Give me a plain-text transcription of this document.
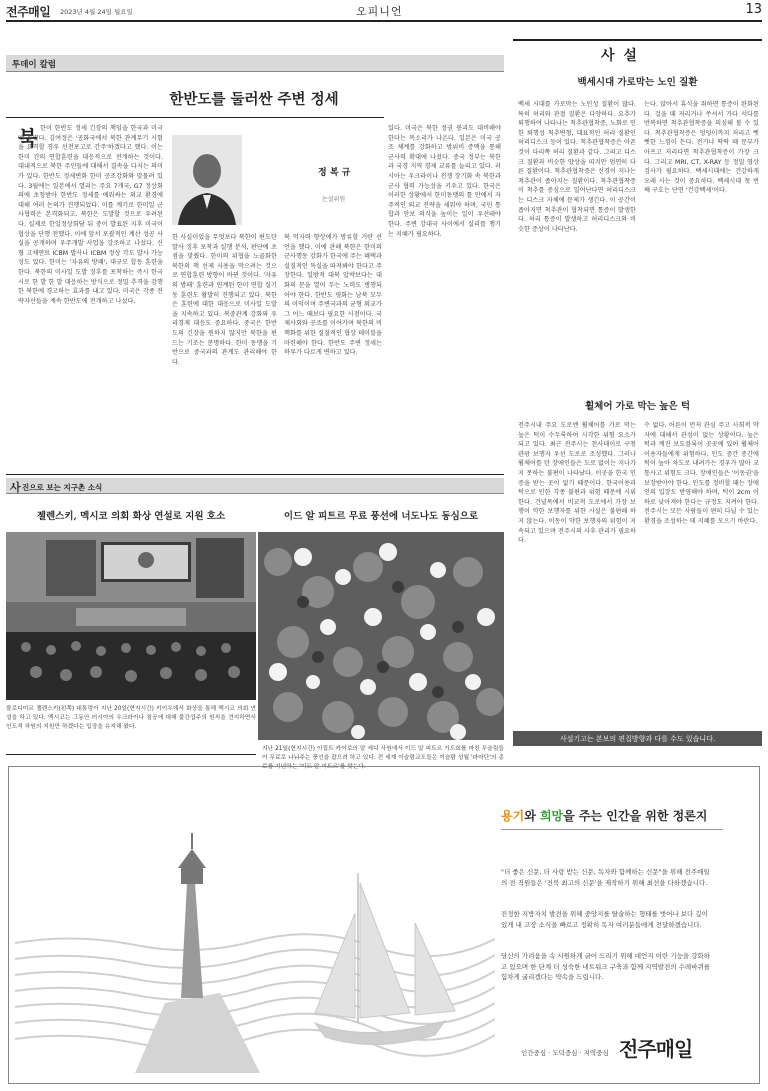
전주매일 2023년 4월 24일 월요일	오피니언	13
투데이 칼럼
한반도를 둘러싼 주변 정세
정 복 규
논설위원
북 한이 한반도 정세 긴장의 책임을 한국과 미국에 돌렸다. 김여정은 '공화국에서 북한 관계무기 시험을 요격할 경우 선전포고로 간주'하겠다고 했다. 이는 한미 간의 연합훈련을 대응적으로 전개하는 것이다. 대내적으로 북한 주민들에 대해서 결속을 다지는 의미가 있다. 한반도 정세변화 한미 공조강화와 맞물려 있다. 3월에는 일본에서 열리는 주요 7개국, G7 정상회의에 초청받아 한반도 정세를 에워싸는 외교 환경에 대해 여러 논의가 진행되었다. 이를 계기로 한미일 군사협력은 본격화되고, 북한은 도발할 것으로 우려된다. 실제로 한일정상회담 뒤 중이 발표된 지후 미국이 협상을 단행 전했다. 이에 앞서 포괄적인 계산 성공 사실을 공개하며 우주개발 사업을 강조하고 나섰다. 신형 고체연료 ICBM 발사나 ICBM 정상 각도 발사 가능성도 있다. 한미는 '자유의 방패', 대규모 합동 훈련을 한다. 북한의 미사일 도발 징후를 포착하는 즉시 한국시로 한 발 한 발 대응하는 방식으로 정밀 추격을 감행한 북한에 경고하는 효과를 내고 있다. 미국은 각종 전략자산들을 계속 한반도에 전개하고 나섰다.
한 사실이었을 무엇보다 북한이 편도탄 발사 징후 포착과 실행 분석, 판단에 초점을 맞췄다. 한미의 위협을 노골화한 북한의 핵 선제 사용을 막으려는 것으로 연합훈련 방향이 바뀐 것이다. '자유의 방패' 훈련과 연계된 한미 연합 실기동 훈련도 활발히 진행되고 있다. 북한은 훈련에 대한 대응으로 미사일 도발을 지속하고 있다. 북중관계 강화와 우리경제 대응도 중요하다. 중국은 한반도의 긴장을 원하지 않지만 북한을 편드는 기조는 분명하다. 한미 동맹을 기반으로 중국과의 관계도 관리해야 한다.
북 억지력 향상에가 방류할 거란 선언을 했다. 이에 관해 북한은 한미의 군사행동 강화가 한국에 주는 혜택과 실질적인 득실을 따져봐야 한다고 주장한다. 일방적 대북 압박보다는 대화의 문을 열어 두는 노력도 병행되어야 한다. 한반도 평화는 남북 모두의 이익이며 주변국과의 균형 외교가 그 어느 때보다 필요한 시점이다. 국제사회와 공조를 이어가며 북한의 비핵화를 위한 실질적인 협상 테이블을 마련해야 한다. 한반도 주변 정세는 하루가 다르게 변하고 있다.
있다. 미국은 북한 정권 붕괴도 대비해야 한다는 목소리가 나온다. 일본은 미국 공조 체계를 강화하고 방위비 증액을 통해 군사력 확대에 나섰다. 중국 정부는 북한과 국경 지역 경제 교류를 늘리고 있다. 러시아는 우크라이나 전쟁 장기화 속 북한과 군사 협력 가능성을 키우고 있다. 한국은 이러한 상황에서 한미동맹의 틀 안에서 자주적인 외교 전략을 세워야 하며, 국민 통합과 안보 의식을 높이는 일이 우선돼야 한다. 주변 강대국 사이에서 실리를 챙기는 지혜가 필요하다.
사 설
백세시대 가로막는 노인 질환
백세 시대를 가로막는 노인성 질환이 많다. 특히 허리와 관절 질환은 다양하다. 요추가 퇴행하여 나타나는 척추관협착증, 노화로 인한 퇴행성 척추변형, 대표적인 허리 질환인 허리디스크 등이 있다. 척추관협착증은 아픈 것이 다리쪽 허리 질환과 같다. 그리고 디스크 질환과 비슷한 양상을 띠지만 엄연히 다른 질환이다. 척추관협착증은 신경이 지나는 척추관이 좁아지는 질환이다. 척추관협착증이 척추를 중심으로 일어난다면 허리디스크는 디스크 자체에 문제가 생긴다. 이 공간이 좁아지면 척추관이 협착되면 통증이 발생한다. 허리 통증이 발생하고 허리디스크와 비슷한 증상이 나타난다.
는다. 앉아서 휴식을 취하면 통증이 완화된다. 걸을 때 저리거나 쑤셔서 가다 서다를 반복하면 척추관협착증을 의심해 볼 수 있다. 척추관협착증은 엉덩이까지 저리고 뻣뻣한 느낌이 든다. 전기나 딱딱 때 문부가 아프고 저리다면 척추관협착증이 가장 크다. 그리고 MRI, CT, X-RAY 등 정밀 영상 검사가 필요하다. 백세시대에는 건강하게 오래 사는 것이 중요하다. 백세시대 첫 번째 구호는 단연 '건강백세'이다.
휠체어 가로 막는 높은 턱
전주시내 주요 도로엔 휠체어를 가로 막는 높은 턱이 수두룩하여 시각한 위험 요소가 되고 있다. 최근 전주시는 천사데이로 구청관광 보행자 우선 도로로 조성했다. 그러나 휠체어를 탄 장애인들은 도로 없이는 지나가지 못하는 불편이 나타났다. 이곳을 한국 인증을 받는 곳이 없기 때문이다. 한국이용과 턱으로 인한 각종 불편과 위험 때문에 시위한다. 건널목에서 비교적 도로에서 가장 보행이 약한 보행자를 위한 시설은 불편해 하지 않는다. 이동이 약한 보행자의 위험이 지속되고 있으며 전주시의 사후 관리가 필요하다.
수 없다. 어른이 먼저 관심 주고 사회적 약자에 대해서 관심이 없는 상황이다. 높은 턱과 깨진 보도블록이 곳곳에 있어 휠체어 이용자들에게 위험하다. 인도 중간 중간에 턱이 높아 차도로 내려가는 경우가 많아 교통사고 위험도 크다. 장애인들은 '이동권'을 보장받아야 한다. 인도를 정비할 때는 장애인의 입장도 반영해야 하며, 턱이 2cm 이하로 낮아져야 한다는 규정도 지켜야 한다. 전주시는 모든 사람들이 편히 다닐 수 있는 환경을 조성하는 데 지혜를 모으기 바란다.
사설기고는 본보의 편집방향과 다를 수도 있습니다.
사 진으로 보는 지구촌 소식
젤렌스키, 멕시코 의회 화상 연설로 지원 호소	이드 알 피트르 무료 풍선에 너도나도 동심으로
볼로디미르 젤렌스키(왼쪽) 대통령이 지난 20일(현지시간) 키이우에서 화상을 통해 멕시코 의회 연설을 하고 있다. 멕시코는 그동안 러시아의 우크라이나 침공에 대해 불간섭주의 원칙을 견지하면서 인도적 차원의 지원만 하겠다는 입장을 유지해 왔다.
지난 21일(현지시간) 이집트 카이로의 알 세디 사원에서 이드 알 피트르 기도회를 마친 무슬림들이 무료로 나눠주는 풍선을 잡으려 하고 있다. 전 세계 이슬람교도들은 이슬람 성월 '라마단'의 종료를 기념하는 '이드 알 피트르'를 맞는다.
용기와 희망을 주는 인간을 위한 정론지
"더 좋은 신문, 더 사랑 받는 신문, 독자와 함께하는 신문"을 위해 전주매일의 전 직원들은 '전북 최고의 신문'을 제작하기 위해 최선을 다하겠습니다.
진정한 지방자치 발전을 위해 중앙지를 탈술하는 형태를 벗어나 보다 깊이 있게 내 고장 소식을 빠르고 정확히 독자 여러분들에게 전달하겠습니다.
당신의 가려움을 속 시원하게 긁어 드리기 위해 대언지 이란 기능을 강화하고 있으며 한 단계 더 성숙한 네트워크 구축과 함께 지역발전의 수레바퀴를 힘차게 굴리겠다는 약속을 드립니다.
인간중심 · 도덕중심 · 지역중심 전주매일
